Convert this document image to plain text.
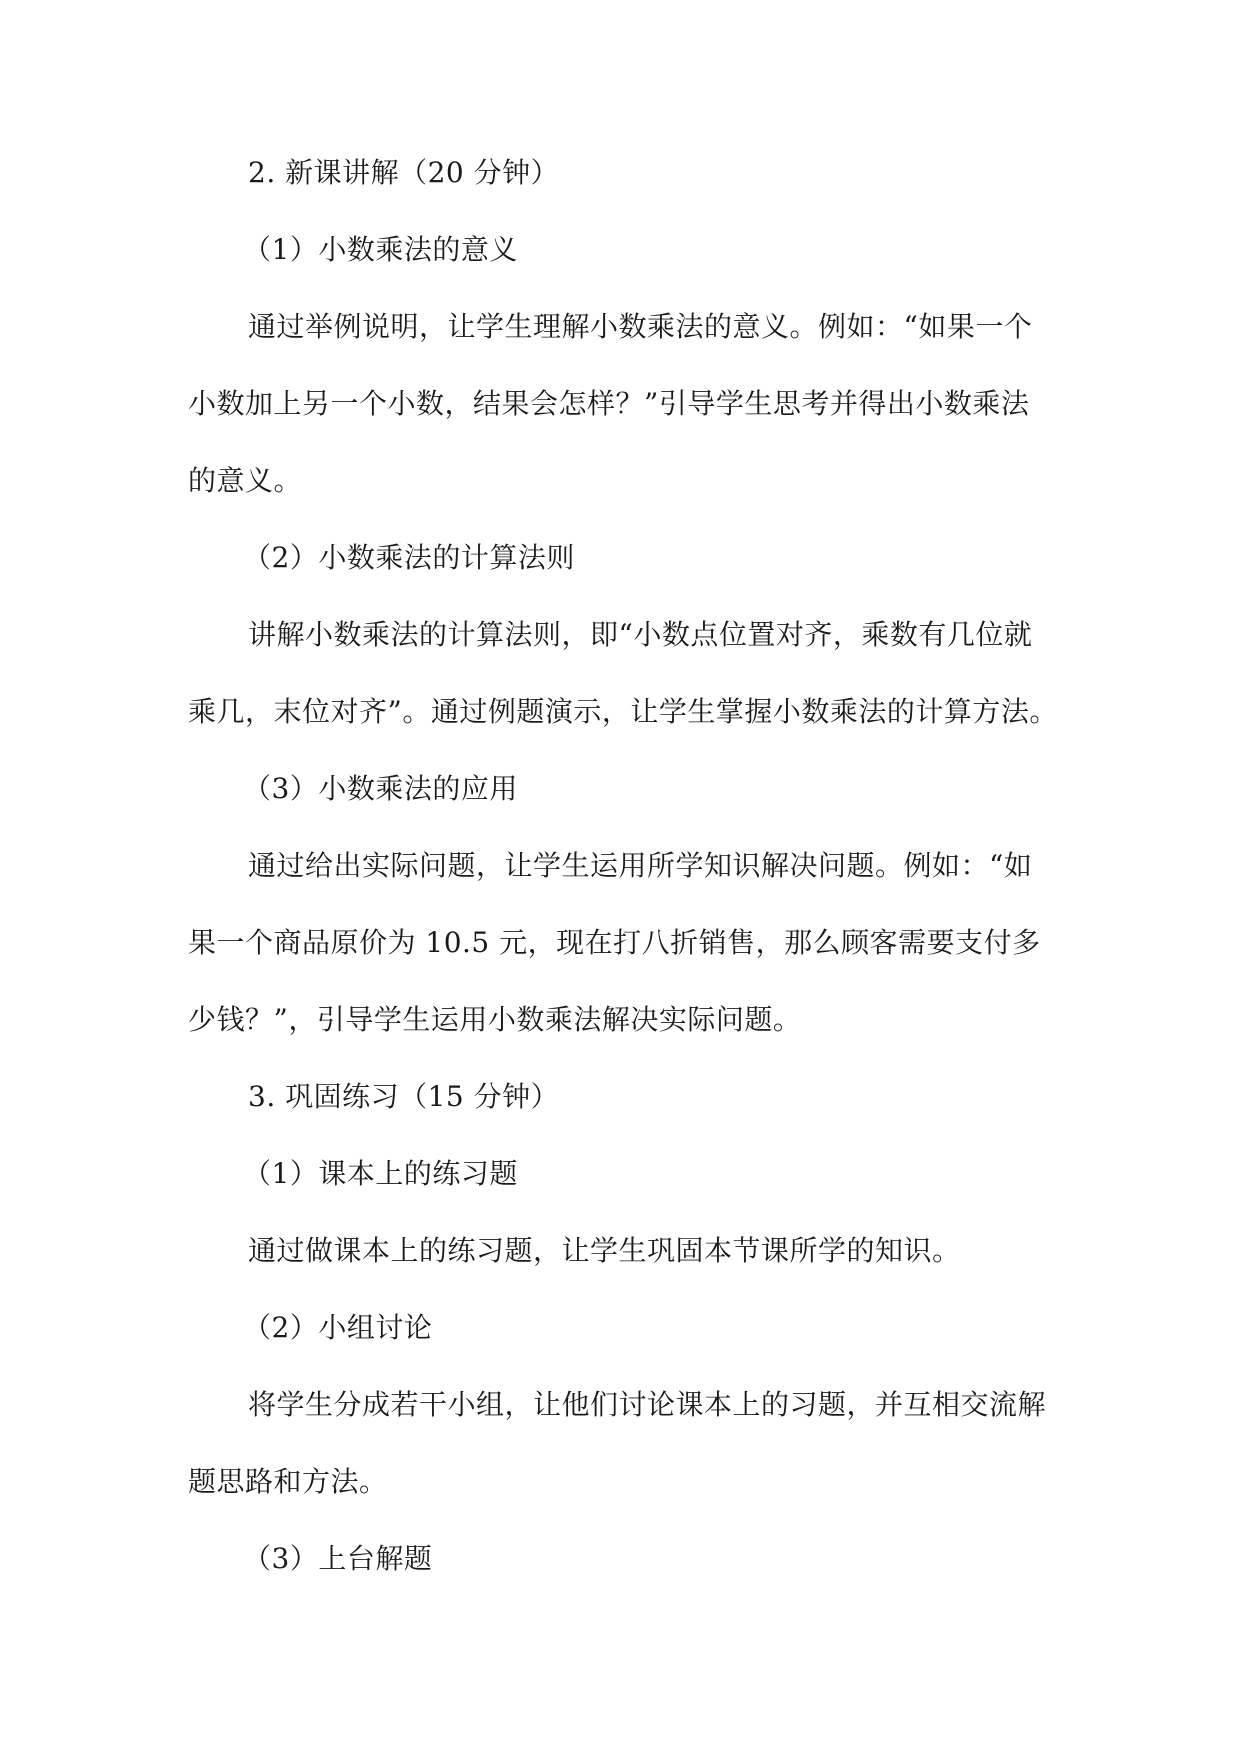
2. 新课讲解（20 分钟）
（1）小数乘法的意义
通过举例说明，让学生理解小数乘法的意义。例如：“如果一个
小数加上另一个小数，结果会怎样？”引导学生思考并得出小数乘法
的意义。
（2）小数乘法的计算法则
讲解小数乘法的计算法则，即“小数点位置对齐，乘数有几位就
乘几，末位对齐”。通过例题演示，让学生掌握小数乘法的计算方法。
（3）小数乘法的应用
通过给出实际问题，让学生运用所学知识解决问题。例如：“如
果一个商品原价为 10.5 元，现在打八折销售，那么顾客需要支付多
少钱？”，引导学生运用小数乘法解决实际问题。
3. 巩固练习（15 分钟）
（1）课本上的练习题
通过做课本上的练习题，让学生巩固本节课所学的知识。
（2）小组讨论
将学生分成若干小组，让他们讨论课本上的习题，并互相交流解
题思路和方法。
（3）上台解题
